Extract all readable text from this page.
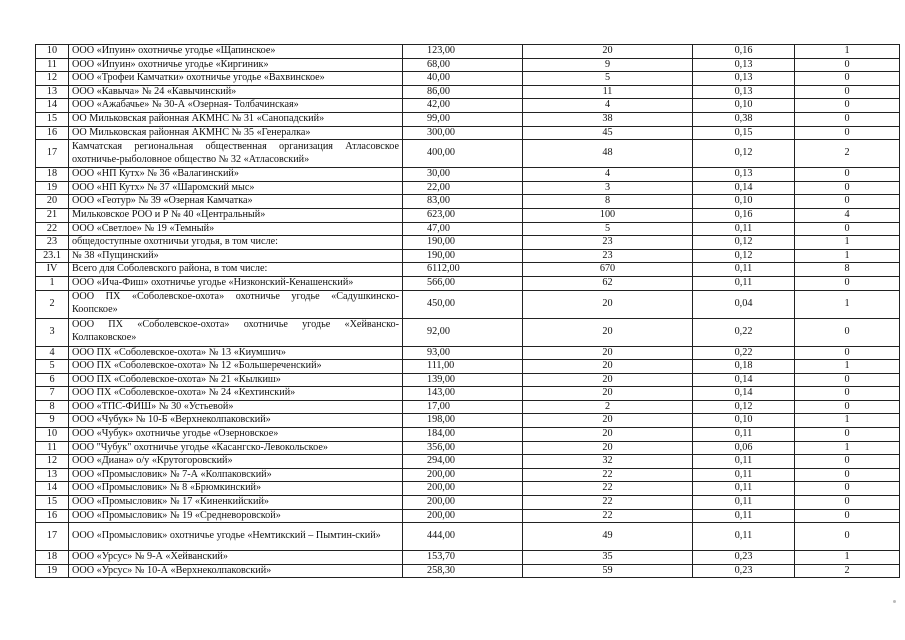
10	ООО «Ипуин» охотничье угодье «Щапинское»	123,00	20	0,16	1
11	ООО «Ипуин» охотничье угодье «Киргиник»	68,00	9	0,13	0
12	ООО «Трофеи Камчатки» охотничье угодье «Вахвинское»	40,00	5	0,13	0
13	ООО «Кавыча» № 24 «Кавычинский»	86,00	11	0,13	0
14	ООО «Ажабачье» № 30-А «Озерная- Толбачинская»	42,00	4	0,10	0
15	ОО Мильковская районная АКМНС № 31 «Санопадский»	99,00	38	0,38	0
16	ОО Мильковская районная АКМНС № 35 «Генералка»	300,00	45	0,15	0
17	Камчатская региональная общественная организация Атласовское охотничье-рыболовное общество № 32 «Атласовский»	400,00	48	0,12	2
18	ООО «НП Кутх» № 36 «Валагинский»	30,00	4	0,13	0
19	ООО «НП Кутх» № 37 «Шаромский мыс»	22,00	3	0,14	0
20	ООО «Геотур» № 39 «Озерная Камчатка»	83,00	8	0,10	0
21	Мильковское РОО и Р № 40 «Центральный»	623,00	100	0,16	4
22	ООО «Светлое» № 19 «Темный»	47,00	5	0,11	0
23	общедоступные охотничьи угодья, в том числе:	190,00	23	0,12	1
23.1	№ 38 «Пущинский»	190,00	23	0,12	1
IV	Всего для Соболевского района, в том числе:	6112,00	670	0,11	8
1	ООО «Ича-Фиш» охотничье угодье «Низконский-Кенашенский»	566,00	62	0,11	0
2	ООО ПХ «Соболевское-охота» охотничье угодье «Садушкинско-Коопское»	450,00	20	0,04	1
3	ООО ПХ «Соболевское-охота» охотничье угодье «Хейванско-Колпаковское»	92,00	20	0,22	0
4	ООО ПХ «Соболевское-охота» № 13 «Киумшич»	93,00	20	0,22	0
5	ООО ПХ «Соболевское-охота» № 12 «Большереченский»	111,00	20	0,18	1
6	ООО ПХ «Соболевское-охота» № 21 «Кылкиш»	139,00	20	0,14	0
7	ООО ПХ «Соболевское-охота» № 24 «Кехтинский»	143,00	20	0,14	0
8	ООО «ТПС-ФИШ» № 30 «Устьевой»	17,00	2	0,12	0
9	ООО «Чубук» № 10-Б «Верхнеколпаковский»	198,00	20	0,10	1
10	ООО «Чубук» охотничье угодье «Озерновское»	184,00	20	0,11	0
11	ООО "Чубук" охотничье угодье «Касангско-Левокольское»	356,00	20	0,06	1
12	ООО «Диана» о/у «Крутогоровский»	294,00	32	0,11	0
13	ООО «Промысловик» № 7-А «Колпаковский»	200,00	22	0,11	0
14	ООО «Промысловик» № 8 «Брюмкинский»	200,00	22	0,11	0
15	ООО «Промысловик» № 17 «Киненкийский»	200,00	22	0,11	0
16	ООО «Промысловик» № 19 «Средневоровской»	200,00	22	0,11	0
17	ООО «Промысловик» охотничье угодье «Немтикский – Пымтин-ский»	444,00	49	0,11	0
18	ООО «Урсус» № 9-А «Хейванский»	153,70	35	0,23	1
19	ООО «Урсус» № 10-А «Верхнеколпаковский»	258,30	59	0,23	2
